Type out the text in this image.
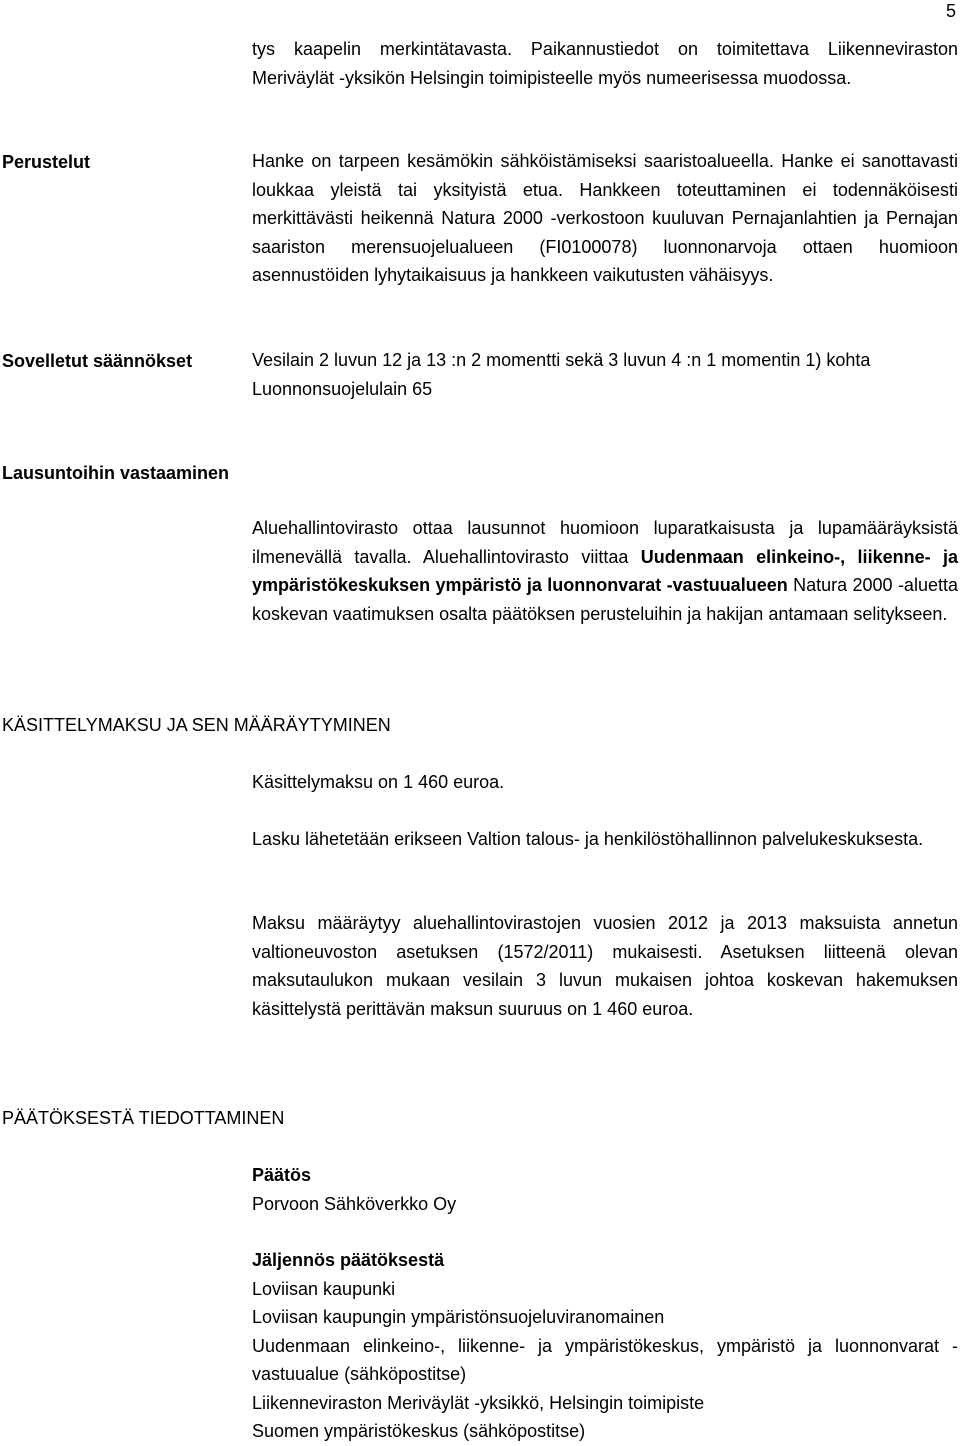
5

tys kaapelin merkintätavasta. Paikannustiedot on toimitettava Liikenneviraston Meriväylät -yksikön Helsingin toimipisteelle myös numeerisessa muodossa.

Perustelut	Hanke on tarpeen kesämökin sähköistämiseksi saaristoalueella. Hanke ei sanottavasti loukkaa yleistä tai yksityistä etua. Hankkeen toteuttaminen ei todennäköisesti merkittävästi heikennä Natura 2000 -verkostoon kuuluvan Pernajanlahtien ja Pernajan saariston merensuojelualueen (FI0100078) luonnonarvoja ottaen huomioon asennustöiden lyhytaikaisuus ja hankkeen vaikutusten vähäisyys.

Sovelletut säännökset	Vesilain 2 luvun 12 ja 13 :n 2 momentti sekä 3 luvun 4 :n 1 momentin 1) kohta
Luonnonsuojelulain 65
Lausuntoihin vastaaminen

Aluehallintovirasto ottaa lausunnot huomioon luparatkaisusta ja lupamääräyksistä ilmenevällä tavalla. Aluehallintovirasto viittaa Uudenmaan elinkeino-, liikenne- ja ympäristökeskuksen ympäristö ja luonnonvarat -vastuualueen Natura 2000 -aluetta koskevan vaatimuksen osalta päätöksen perusteluihin ja hakijan antamaan selitykseen.

KÄSITTELYMAKSU JA SEN MÄÄRÄYTYMINEN

Käsittelymaksu on 1 460 euroa.

Lasku lähetetään erikseen Valtion talous- ja henkilöstöhallinnon palvelukeskuksesta.

Maksu määräytyy aluehallintovirastojen vuosien 2012 ja 2013 maksuista annetun valtioneuvoston asetuksen (1572/2011) mukaisesti. Asetuksen liitteenä olevan maksutaulukon mukaan vesilain 3 luvun mukaisen johtoa koskevan hakemuksen käsittelystä perittävän maksun suuruus on 1 460 euroa.

PÄÄTÖKSESTÄ TIEDOTTAMINEN
Päätös
Porvoon Sähköverkko Oy
Jäljennös päätöksestä
Loviisan kaupunki
Loviisan kaupungin ympäristönsuojeluviranomainen
Uudenmaan elinkeino-, liikenne- ja ympäristökeskus, ympäristö ja luonnonvarat -vastuualue (sähköpostitse)
Liikenneviraston Meriväylät -yksikkö, Helsingin toimipiste
Suomen ympäristökeskus (sähköpostitse)
